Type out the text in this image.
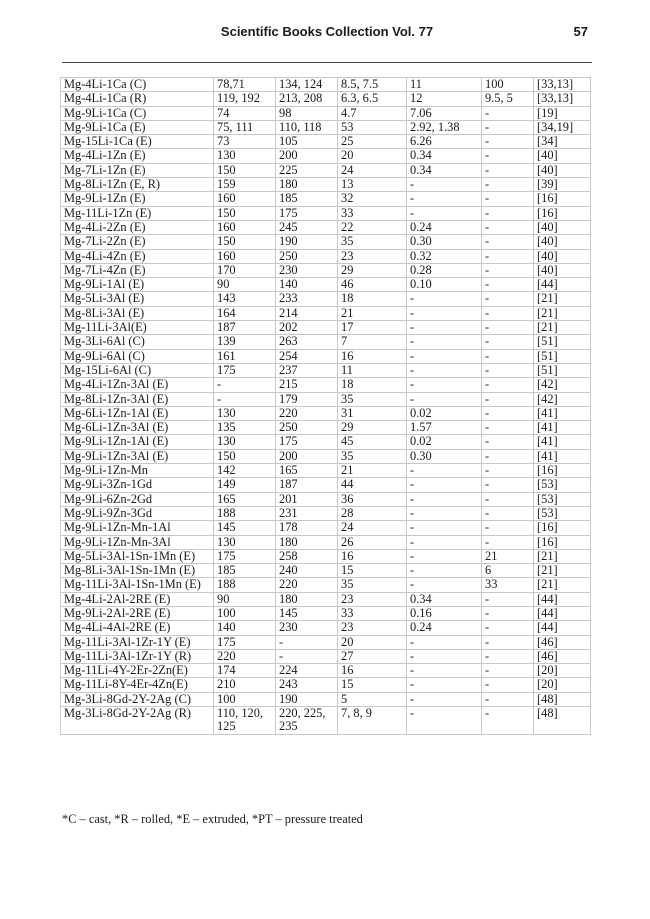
Scientific Books Collection Vol. 77	57
Mg-4Li-1Ca (C)	78,71	134, 124	8.5, 7.5	11	100	[33,13]
Mg-4Li-1Ca (R)	119, 192	213, 208	6.3, 6.5	12	9.5, 5	[33,13]
Mg-9Li-1Ca (C)	74	98	4.7	7.06	-	[19]
Mg-9Li-1Ca (E)	75, 111	110, 118	53	2.92, 1.38	-	[34,19]
Mg-15Li-1Ca (E)	73	105	25	6.26	-	[34]
Mg-4Li-1Zn (E)	130	200	20	0.34	-	[40]
Mg-7Li-1Zn (E)	150	225	24	0.34	-	[40]
Mg-8Li-1Zn (E, R)	159	180	13	-	-	[39]
Mg-9Li-1Zn (E)	160	185	32	-	-	[16]
Mg-11Li-1Zn (E)	150	175	33	-	-	[16]
Mg-4Li-2Zn (E)	160	245	22	0.24	-	[40]
Mg-7Li-2Zn (E)	150	190	35	0.30	-	[40]
Mg-4Li-4Zn (E)	160	250	23	0.32	-	[40]
Mg-7Li-4Zn (E)	170	230	29	0.28	-	[40]
Mg-9Li-1Al (E)	90	140	46	0.10	-	[44]
Mg-5Li-3Al (E)	143	233	18	-	-	[21]
Mg-8Li-3Al (E)	164	214	21	-	-	[21]
Mg-11Li-3Al(E)	187	202	17	-	-	[21]
Mg-3Li-6Al (C)	139	263	7	-	-	[51]
Mg-9Li-6Al (C)	161	254	16	-	-	[51]
Mg-15Li-6Al (C)	175	237	11	-	-	[51]
Mg-4Li-1Zn-3Al (E)	-	215	18	-	-	[42]
Mg-8Li-1Zn-3Al (E)	-	179	35	-	-	[42]
Mg-6Li-1Zn-1Al (E)	130	220	31	0.02	-	[41]
Mg-6Li-1Zn-3Al (E)	135	250	29	1.57	-	[41]
Mg-9Li-1Zn-1Al (E)	130	175	45	0.02	-	[41]
Mg-9Li-1Zn-3Al (E)	150	200	35	0.30	-	[41]
Mg-9Li-1Zn-Mn	142	165	21	-	-	[16]
Mg-9Li-3Zn-1Gd	149	187	44	-	-	[53]
Mg-9Li-6Zn-2Gd	165	201	36	-	-	[53]
Mg-9Li-9Zn-3Gd	188	231	28	-	-	[53]
Mg-9Li-1Zn-Mn-1Al	145	178	24	-	-	[16]
Mg-9Li-1Zn-Mn-3Al	130	180	26	-	-	[16]
Mg-5Li-3Al-1Sn-1Mn (E)	175	258	16	-	21	[21]
Mg-8Li-3Al-1Sn-1Mn (E)	185	240	15	-	6	[21]
Mg-11Li-3Al-1Sn-1Mn (E)	188	220	35	-	33	[21]
Mg-4Li-2Al-2RE (E)	90	180	23	0.34	-	[44]
Mg-9Li-2Al-2RE (E)	100	145	33	0.16	-	[44]
Mg-4Li-4Al-2RE (E)	140	230	23	0.24	-	[44]
Mg-11Li-3Al-1Zr-1Y (E)	175	-	20	-	-	[46]
Mg-11Li-3Al-1Zr-1Y (R)	220	-	27	-	-	[46]
Mg-11Li-4Y-2Er-2Zn(E)	174	224	16	-	-	[20]
Mg-11Li-8Y-4Er-4Zn(E)	210	243	15	-	-	[20]
Mg-3Li-8Gd-2Y-2Ag (C)	100	190	5	-	-	[48]
Mg-3Li-8Gd-2Y-2Ag (R)	110, 120, 125	220, 225, 235	7, 8, 9	-	-	[48]
*C – cast, *R – rolled, *E – extruded, *PT – pressure treated
